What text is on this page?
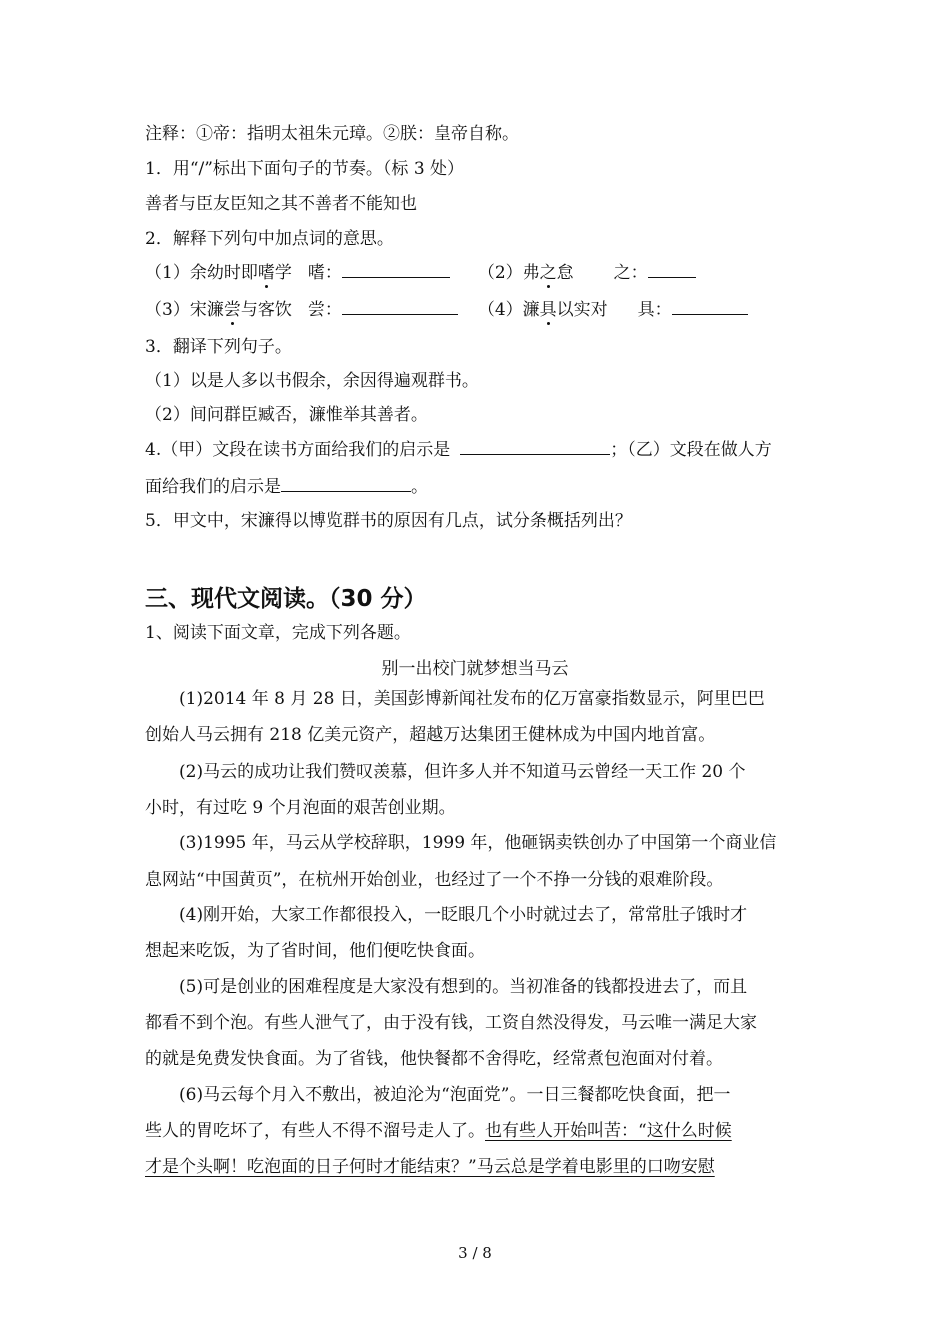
注释：①帝：指明太祖朱元璋。②朕：皇帝自称。
1．用“/”标出下面句子的节奏。（标 3 处）
善者与臣友臣知之其不善者不能知也
2．解释下列句中加点词的意思。
（1）余幼时即嗜学 嗜：	（2）弗之怠 之：
（3）宋濂尝与客饮 尝：	（4）濂具以实对 具：
3．翻译下列句子。
（1）以是人多以书假余，余因得遍观群书。
（2）间问群臣臧否，濂惟举其善者。
4.（甲）文段在读书方面给我们的启示是	；（乙）文段在做人方
面给我们的启示是	。
5．甲文中，宋濂得以博览群书的原因有几点，试分条概括列出？
三、现代文阅读。（30 分）
1、阅读下面文章，完成下列各题。
别一出校门就梦想当马云
(1)2014 年 8 月 28 日，美国彭博新闻社发布的亿万富豪指数显示，阿里巴巴
创始人马云拥有 218 亿美元资产，超越万达集团王健林成为中国内地首富。
(2)马云的成功让我们赞叹羡慕，但许多人并不知道马云曾经一天工作 20 个
小时，有过吃 9 个月泡面的艰苦创业期。
(3)1995 年，马云从学校辞职，1999 年，他砸锅卖铁创办了中国第一个商业信
息网站“中国黄页”，在杭州开始创业，也经过了一个不挣一分钱的艰难阶段。
(4)刚开始，大家工作都很投入，一眨眼几个小时就过去了，常常肚子饿时才
想起来吃饭，为了省时间，他们便吃快食面。
(5)可是创业的困难程度是大家没有想到的。当初准备的钱都投进去了，而且
都看不到个泡。有些人泄气了，由于没有钱，工资自然没得发，马云唯一满足大家
的就是免费发快食面。为了省钱，他快餐都不舍得吃，经常煮包泡面对付着。
(6)马云每个月入不敷出，被迫沦为“泡面党”。一日三餐都吃快食面，把一
些人的胃吃坏了，有些人不得不溜号走人了。也有些人开始叫苦：“这什么时候
才是个头啊！吃泡面的日子何时才能结束？”马云总是学着电影里的口吻安慰
3 / 8
